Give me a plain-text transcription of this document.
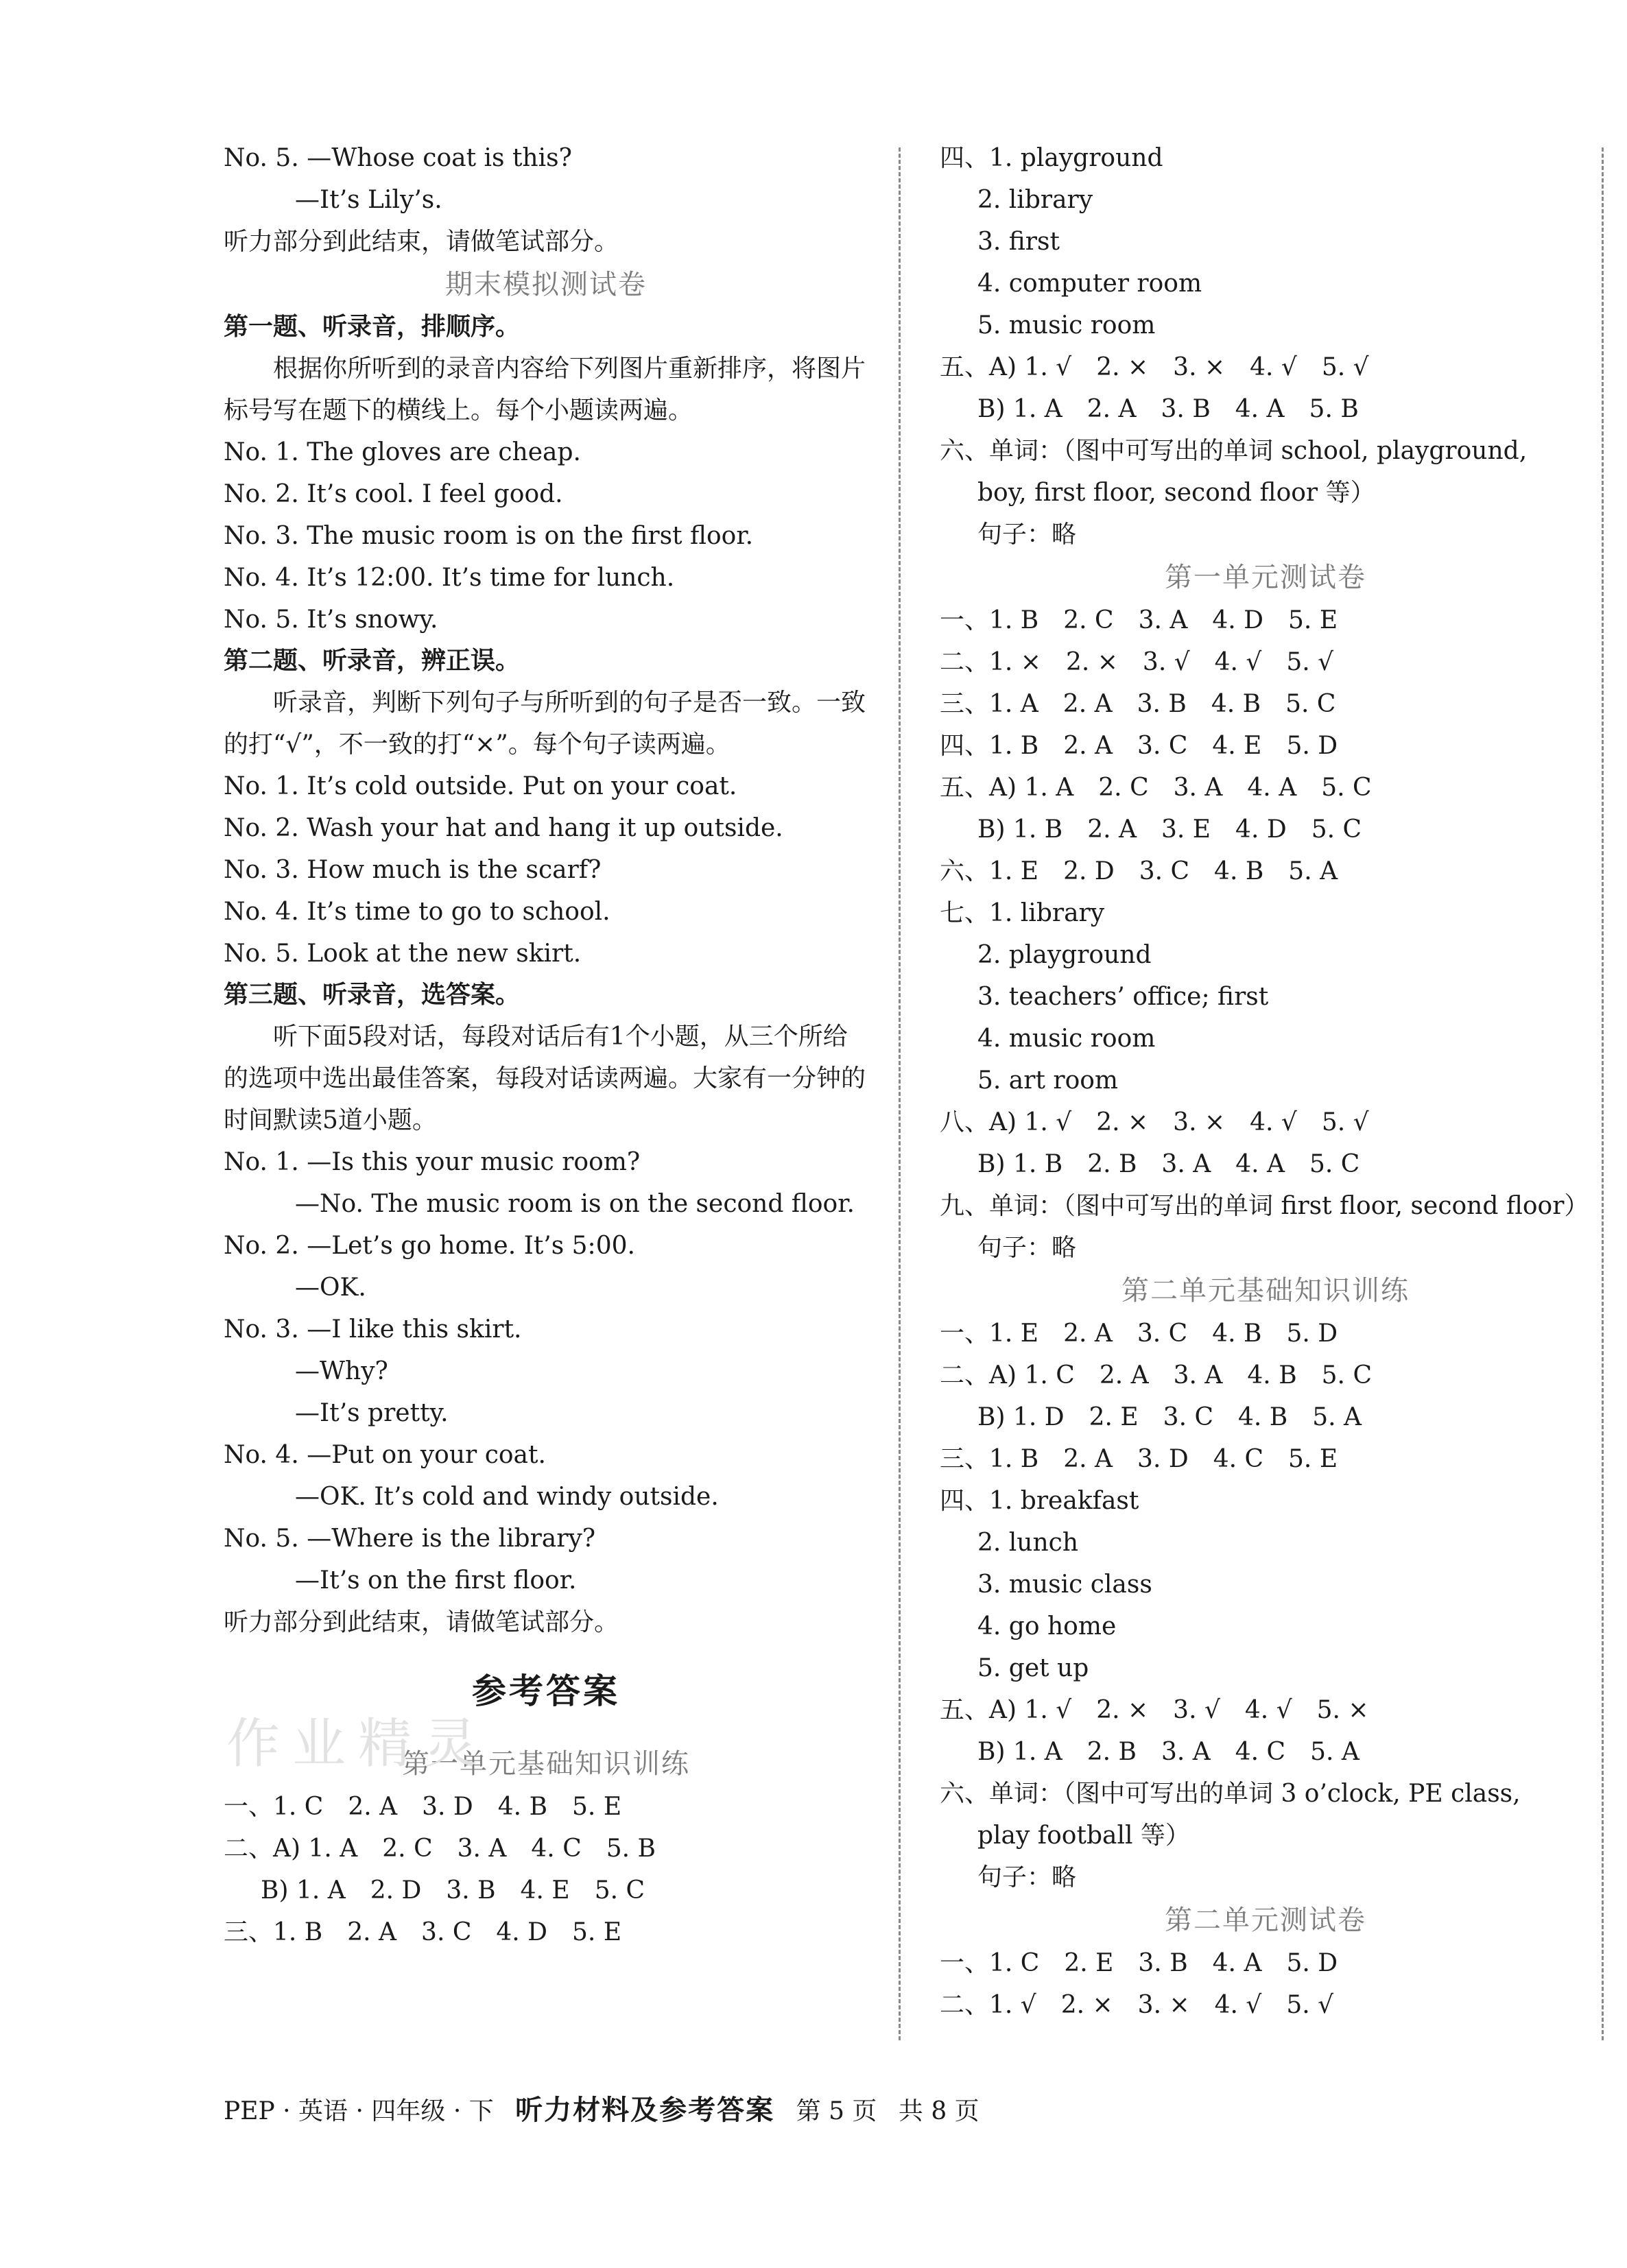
No. 5. —Whose coat is this?
—It’s Lily’s.
听力部分到此结束，请做笔试部分。
期末模拟测试卷
第一题、听录音，排顺序。
根据你所听到的录音内容给下列图片重新排序，将图片标号写在题下的横线上。每个小题读两遍。
No. 1. The gloves are cheap.
No. 2. It’s cool. I feel good.
No. 3. The music room is on the first floor.
No. 4. It’s 12:00. It’s time for lunch.
No. 5. It’s snowy.
第二题、听录音，辨正误。
听录音，判断下列句子与所听到的句子是否一致。一致的打“√”，不一致的打“×”。每个句子读两遍。
No. 1. It’s cold outside. Put on your coat.
No. 2. Wash your hat and hang it up outside.
No. 3. How much is the scarf?
No. 4. It’s time to go to school.
No. 5. Look at the new skirt.
第三题、听录音，选答案。
听下面5段对话，每段对话后有1个小题，从三个所给的选项中选出最佳答案，每段对话读两遍。大家有一分钟的时间默读5道小题。
No. 1. —Is this your music room?
—No. The music room is on the second floor.
No. 2. —Let’s go home. It’s 5:00.
—OK.
No. 3. —I like this skirt.
—Why?
—It’s pretty.
No. 4. —Put on your coat.
—OK. It’s cold and windy outside.
No. 5. —Where is the library?
—It’s on the first floor.
听力部分到此结束，请做笔试部分。
参考答案
第一单元基础知识训练
一、1. C　2. A　3. D　4. B　5. E
二、A) 1. A　2. C　3. A　4. C　5. B
B) 1. A　2. D　3. B　4. E　5. C
三、1. B　2. A　3. C　4. D　5. E
四、1. playground
2. library
3. first
4. computer room
5. music room
五、A) 1. √　2. ×　3. ×　4. √　5. √
B) 1. A　2. A　3. B　4. A　5. B
六、单词：（图中可写出的单词 school, playground,
boy, first floor, second floor 等）
句子：略
第一单元测试卷
一、1. B　2. C　3. A　4. D　5. E
二、1. ×　2. ×　3. √　4. √　5. √
三、1. A　2. A　3. B　4. B　5. C
四、1. B　2. A　3. C　4. E　5. D
五、A) 1. A　2. C　3. A　4. A　5. C
B) 1. B　2. A　3. E　4. D　5. C
六、1. E　2. D　3. C　4. B　5. A
七、1. library
2. playground
3. teachers’ office; first
4. music room
5. art room
八、A) 1. √　2. ×　3. ×　4. √　5. √
B) 1. B　2. B　3. A　4. A　5. C
九、单词：（图中可写出的单词 first floor, second floor）
句子：略
第二单元基础知识训练
一、1. E　2. A　3. C　4. B　5. D
二、A) 1. C　2. A　3. A　4. B　5. C
B) 1. D　2. E　3. C　4. B　5. A
三、1. B　2. A　3. D　4. C　5. E
四、1. breakfast
2. lunch
3. music class
4. go home
5. get up
五、A) 1. √　2. ×　3. √　4. √　5. ×
B) 1. A　2. B　3. A　4. C　5. A
六、单词：（图中可写出的单词 3 o’clock, PE class,
play football 等）
句子：略
第二单元测试卷
一、1. C　2. E　3. B　4. A　5. D
二、1. √　2. ×　3. ×　4. √　5. √
作业精灵
PEP · 英语 · 四年级 · 下 听力材料及参考答案 第 5 页 共 8 页
